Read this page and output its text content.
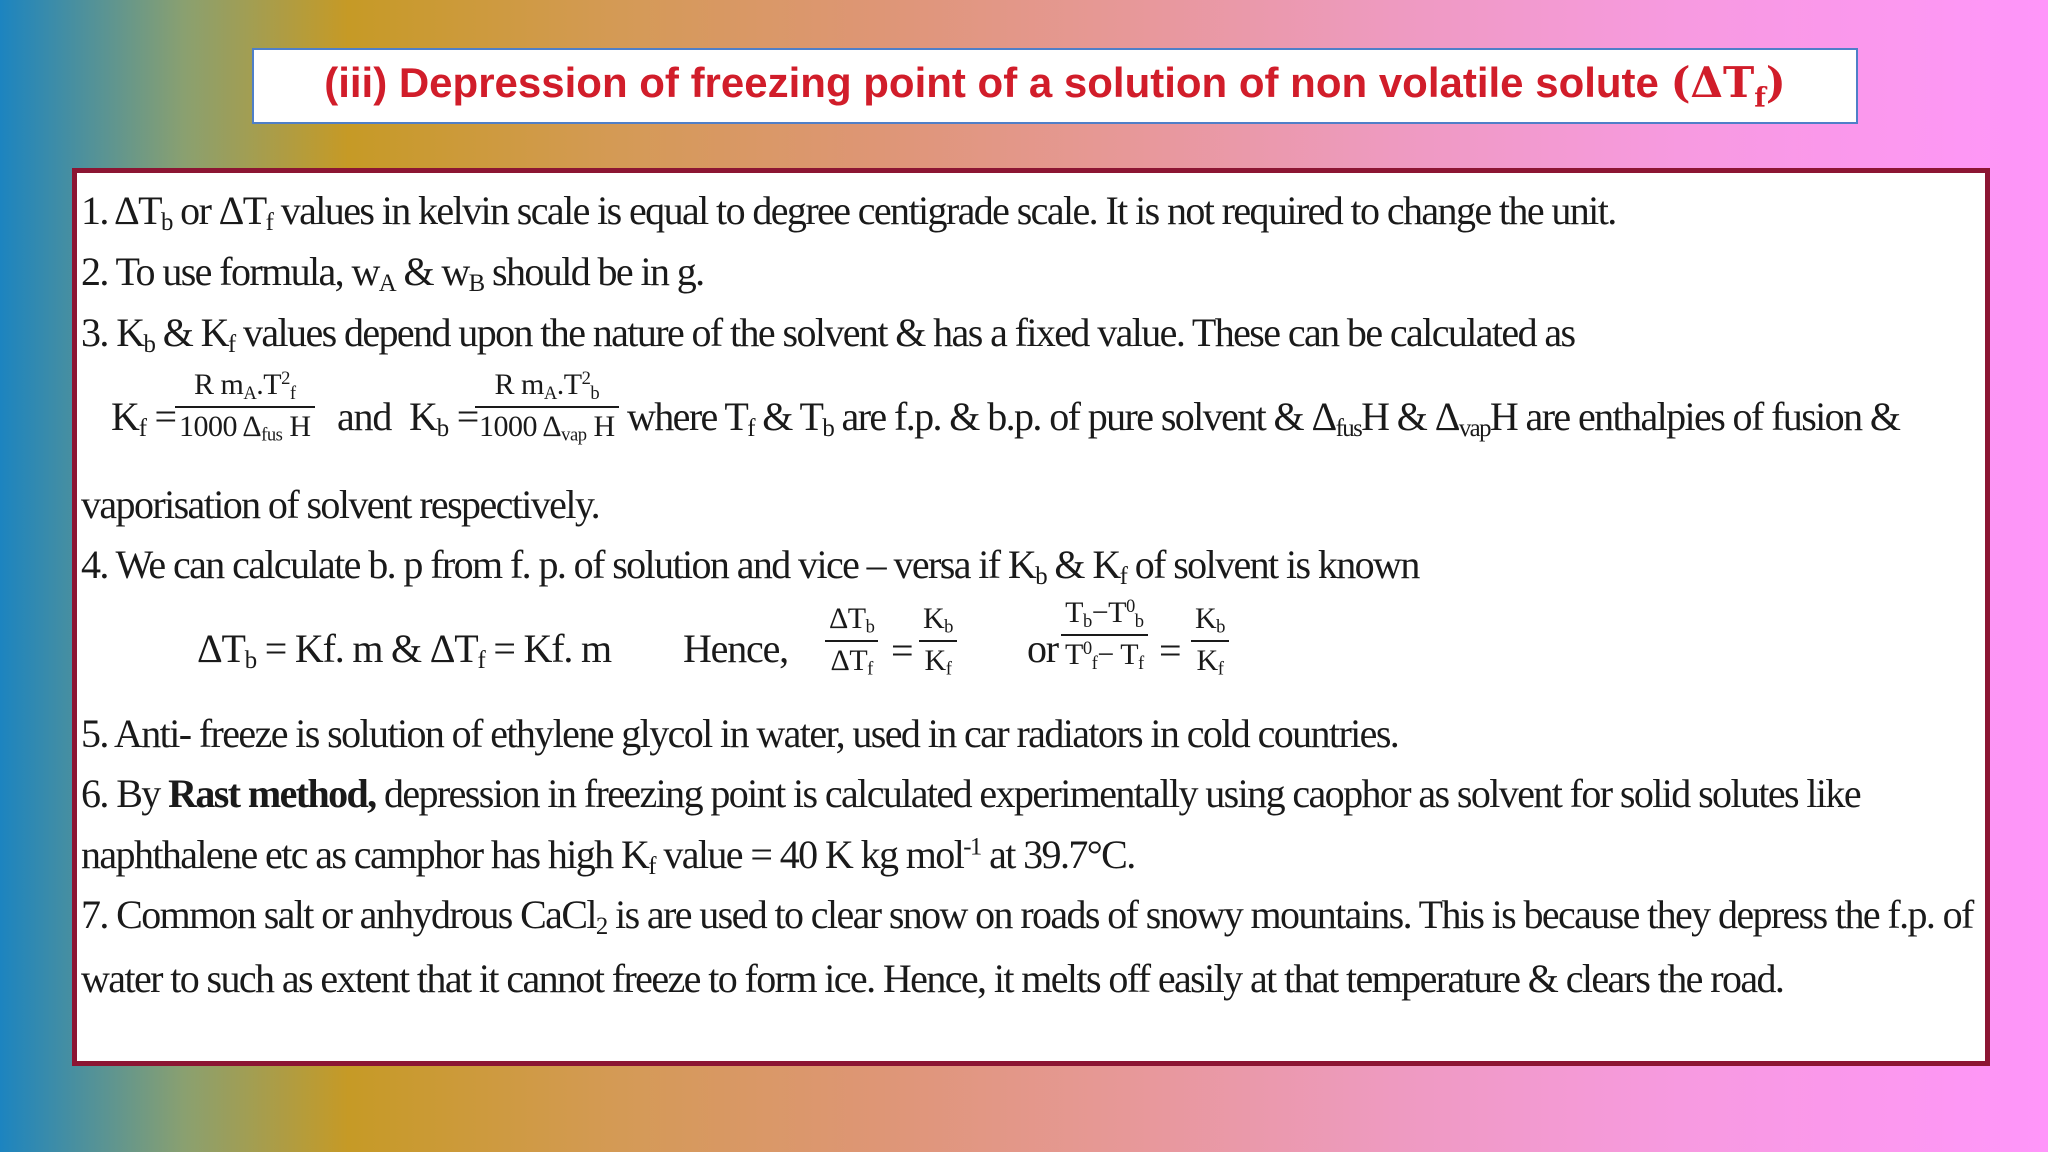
(iii) Depression of freezing point of a solution of non volatile solute $(\Delta T_f)$
1. $\Delta T_b$ or $\Delta T_f$ values in kelvin scale is equal to degree centigrade scale. It is not required to change the unit.
2. To use formula, $w_A$ & $w_B$ should be in g.
3. $K_b$ & $K_f$ values depend upon the nature of the solvent & has a fixed value. These can be calculated as
$K_f$ =
R $m_A.T^2_f$
1000 $\Delta_{fus}$ H and $K_b$ =
R $m_A.T^2_b$
1000 $\Delta_{vap}$ H where $T_f$ & $T_b$ are f.p. & b.p. of pure solvent & $\Delta_{fus}H$ & $\Delta_{vap}H$ are enthalpies of fusion &
vaporisation of solvent respectively.
4. We can calculate b. p from f. p. of solution and vice – versa if $K_b$ & $K_f$ of solvent is known
$\Delta T_b = Kf$. m & $\Delta T_f = Kf$. m Hence,
$\Delta T_b$
$\Delta T_f = \frac{K_b}{K_f}$ or $\frac{T_b-T^0_b}{T^0_f- T_f} = \frac{K_b}{K_f}$
5. Anti- freeze is solution of ethylene glycol in water, used in car radiators in cold countries.
6. By Rast method, depression in freezing point is calculated experimentally using caophor as solvent for solid solutes like
naphthalene etc as camphor has high $K_f$ value = 40 K kg mol$^{-1}$ at 39.7°C.
7. Common salt or anhydrous CaCl$_2$ is are used to clear snow on roads of snowy mountains. This is because they depress the f.p. of
water to such as extent that it cannot freeze to form ice. Hence, it melts off easily at that temperature & clears the road.
